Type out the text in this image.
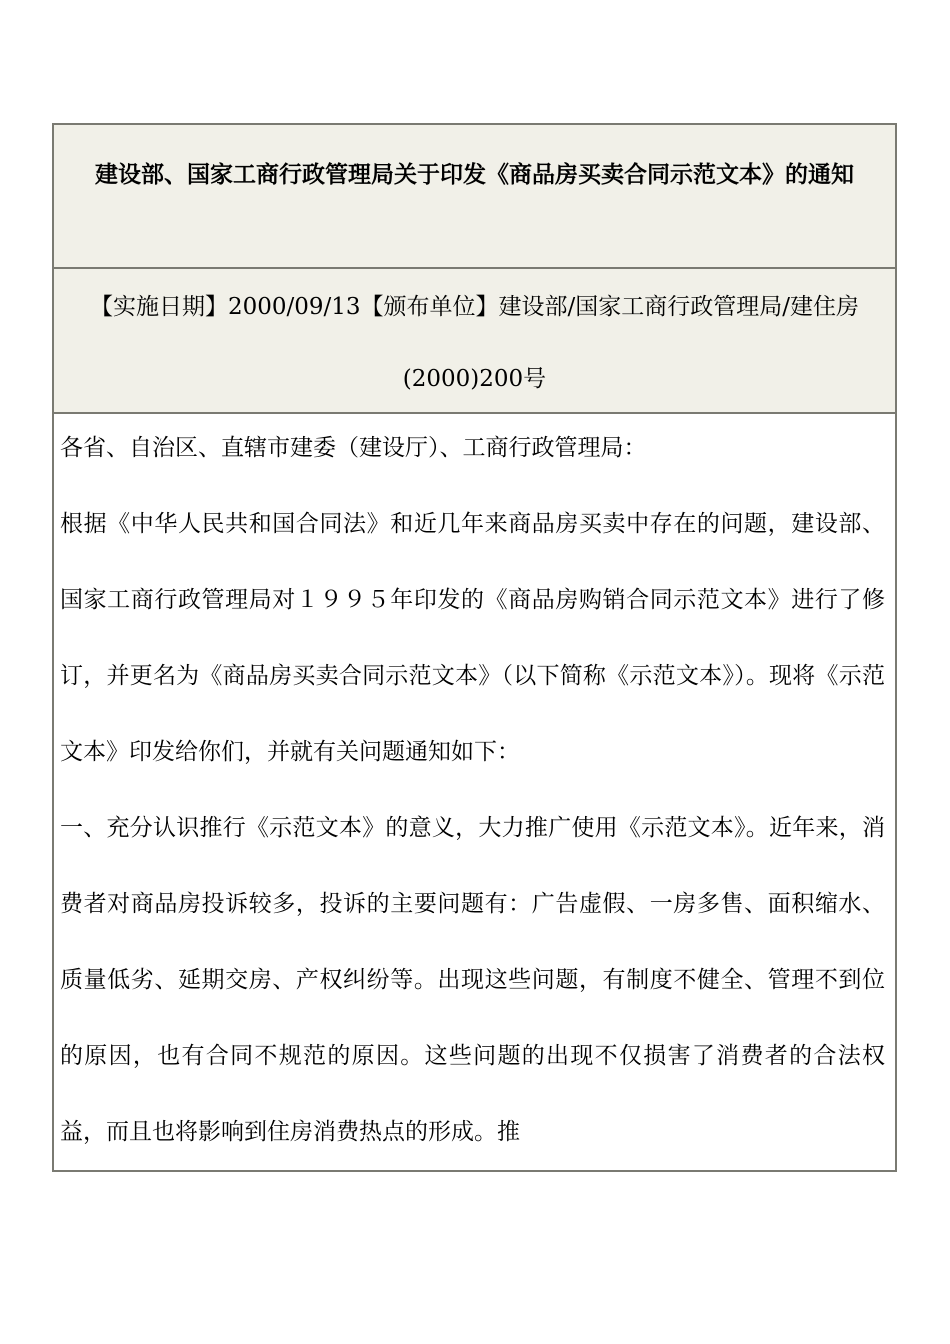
建设部、国家工商行政管理局关于印发《商品房买卖合同示范文本》的通知

【实施日期】2000/09/13【颁布单位】建设部/国家工商行政管理局/建住房(2000)200号

各省、自治区、直辖市建委（建设厅）、工商行政管理局：

根据《中华人民共和国合同法》和近几年来商品房买卖中存在的问题，建设部、国家工商行政管理局对１９９５年印发的《商品房购销合同示范文本》进行了修订，并更名为《商品房买卖合同示范文本》（以下简称《示范文本》）。现将《示范文本》印发给你们，并就有关问题通知如下：

一、充分认识推行《示范文本》的意义，大力推广使用《示范文本》。近年来，消费者对商品房投诉较多，投诉的主要问题有：广告虚假、一房多售、面积缩水、质量低劣、延期交房、产权纠纷等。出现这些问题，有制度不健全、管理不到位的原因，也有合同不规范的原因。这些问题的出现不仅损害了消费者的合法权益，而且也将影响到住房消费热点的形成。推
